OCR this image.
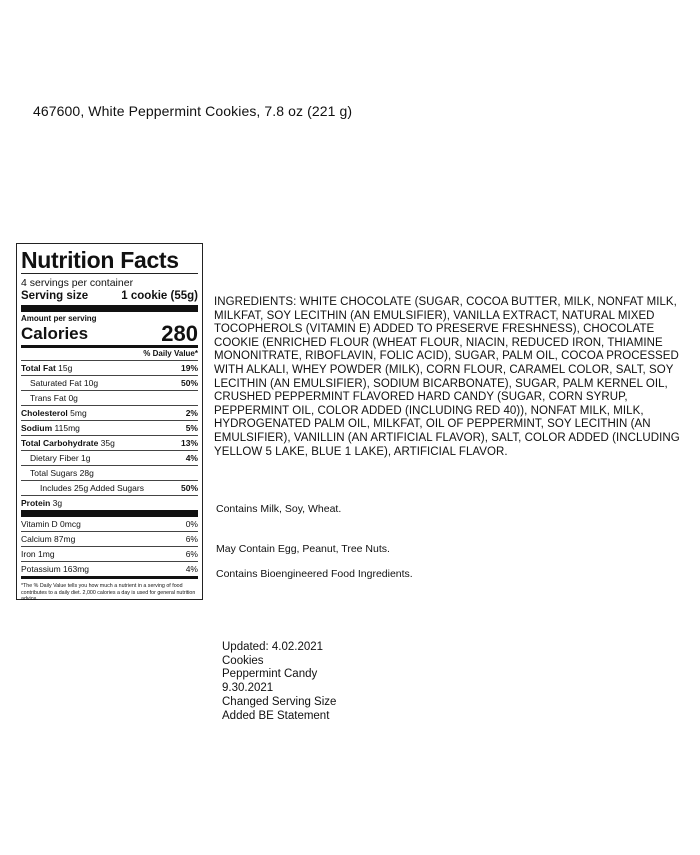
467600, White Peppermint Cookies, 7.8 oz (221 g)
Nutrition Facts
4 servings per container
Serving size	1 cookie (55g)
Amount per serving
Calories	280
% Daily Value*
Total Fat 15g	19%
Saturated Fat 10g	50%
Trans Fat 0g
Cholesterol 5mg	2%
Sodium 115mg	5%
Total Carbohydrate 35g	13%
Dietary Fiber 1g	4%
Total Sugars 28g
Includes 25g Added Sugars	50%
Protein 3g
Vitamin D 0mcg	0%
Calcium 87mg	6%
Iron 1mg	6%
Potassium 163mg	4%
*The % Daily Value tells you how much a nutrient in a serving of food contributes to a daily diet. 2,000 calories a day is used for general nutrition advice.
INGREDIENTS: WHITE CHOCOLATE (SUGAR, COCOA BUTTER, MILK, NONFAT MILK, MILKFAT, SOY LECITHIN (AN EMULSIFIER), VANILLA EXTRACT, NATURAL MIXED TOCOPHEROLS (VITAMIN E) ADDED TO PRESERVE FRESHNESS), CHOCOLATE COOKIE (ENRICHED FLOUR (WHEAT FLOUR, NIACIN, REDUCED IRON, THIAMINE MONONITRATE, RIBOFLAVIN, FOLIC ACID), SUGAR, PALM OIL, COCOA PROCESSED WITH ALKALI, WHEY POWDER (MILK), CORN FLOUR, CARAMEL COLOR, SALT, SOY LECITHIN (AN EMULSIFIER), SODIUM BICARBONATE), SUGAR, PALM KERNEL OIL, CRUSHED PEPPERMINT FLAVORED HARD CANDY (SUGAR, CORN SYRUP, PEPPERMINT OIL, COLOR ADDED (INCLUDING RED 40)), NONFAT MILK, MILK, HYDROGENATED PALM OIL, MILKFAT, OIL OF PEPPERMINT, SOY LECITHIN (AN EMULSIFIER), VANILLIN (AN ARTIFICIAL FLAVOR), SALT, COLOR ADDED (INCLUDING YELLOW 5 LAKE, BLUE 1 LAKE), ARTIFICIAL FLAVOR.
Contains Milk, Soy, Wheat.
May Contain Egg, Peanut, Tree Nuts.
Contains Bioengineered Food Ingredients.
Updated: 4.02.2021
Cookies
Peppermint Candy
9.30.2021
Changed Serving Size
Added BE Statement
